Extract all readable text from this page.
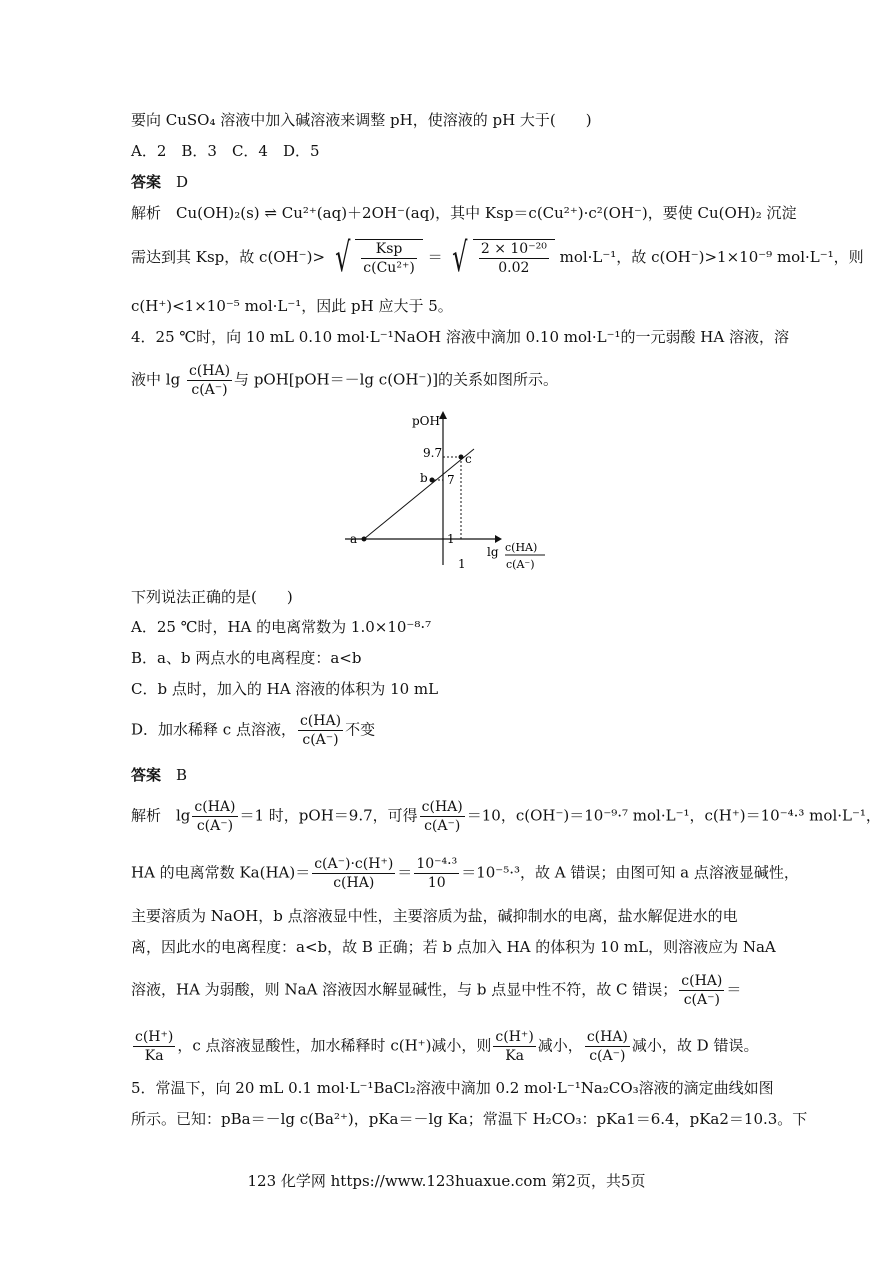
要向 CuSO₄ 溶液中加入碱溶液来调整 pH，使溶液的 pH 大于(　　)
A．2　B．3　C．4　D．5
答案　 D
解析　Cu(OH)₂(s) ⇌ Cu²⁺(aq)＋2OH⁻(aq)，其中 Ksp＝c(Cu²⁺)·c²(OH⁻)，要使 Cu(OH)₂ 沉淀
需达到其 Ksp，故 c(OH⁻)> √ $\frac{\text{Ksp}}{\text{c(Cu²⁺)}}$ ＝ √ $\frac{\text{2 × 10⁻²⁰}}{0.02} mol\cdot L^{-1}$，故 c(OH⁻)>1×10⁻⁹ mol·L⁻¹，则
c(H⁺)<1×10⁻⁵ mol·L⁻¹，因此 pH 应大于 5。
4．25 ℃时，向 10 mL 0.10 mol·L⁻¹NaOH 溶液中滴加 0.10 mol·L⁻¹的一元弱酸 HA 溶液，溶
液中 $\lg \frac{c(HA)}{c(A^-)}$ 与 pOH[pOH＝－lg c(OH⁻)]的关系如图所示。
pOH
a
b
c
9.7
7
1
1
lg c(HA)
c(A⁻)
下列说法正确的是(　　)
A．25 ℃时，HA 的电离常数为 1.0×10⁻⁸·⁷
B．a、b 两点水的电离程度：a<b
C．b 点时，加入的 HA 溶液的体积为 10 mL
D．加水稀释 c 点溶液， $\frac{c(HA)}{c(A^-)}$ 不变
答案　 B
解析　$\lg \frac{c(HA)}{c(A^-)} =1$ 时，pOH＝9.7，可得 $\frac{c(HA)}{c(A^-)} =10$，c(OH⁻)＝10⁻⁹·⁷ mol·L⁻¹，c(H⁺)＝10⁻⁴·³ mol·L⁻¹，
HA 的电离常数 $Ka(HA)= \frac{c(A^-)\cdot c(H^+)}{c(HA)} = \frac{\text{10⁻⁴·³}}{10} =10^{-5}\cdot^3$，故 A 错误；由图可知 a 点溶液显碱性，
主要溶质为 NaOH，b 点溶液显中性，主要溶质为盐，碱抑制水的电离，盐水解促进水的电
离，因此水的电离程度：a<b，故 B 正确；若 b 点加入 HA 的体积为 10 mL，则溶液应为 NaA
溶液，HA 为弱酸，则 NaA 溶液因水解显碱性，与 b 点显中性不符，故 C 错误； $\frac{c(HA)}{c(A^-)}$ ＝
$\frac{c(H^+)}{Ka}$ ，c 点溶液显酸性，加水稀释时 c(H⁺)减小，则 $\frac{c(H^+)}{Ka}$ 减小， $\frac{c(HA)}{c(A^-)}$ 减小，故 D 错误。
5．常温下，向 20 mL 0.1 mol·L⁻¹BaCl₂溶液中滴加 0.2 mol·L⁻¹Na₂CO₃溶液的滴定曲线如图
所示。已知：pBa＝－lg c(Ba²⁺)，pKa＝－lg Ka；常温下 H₂CO₃：pKa1＝6.4，pKa2＝10.3。下
123 化学网 https://www.123huaxue.com 第2页，共5页
